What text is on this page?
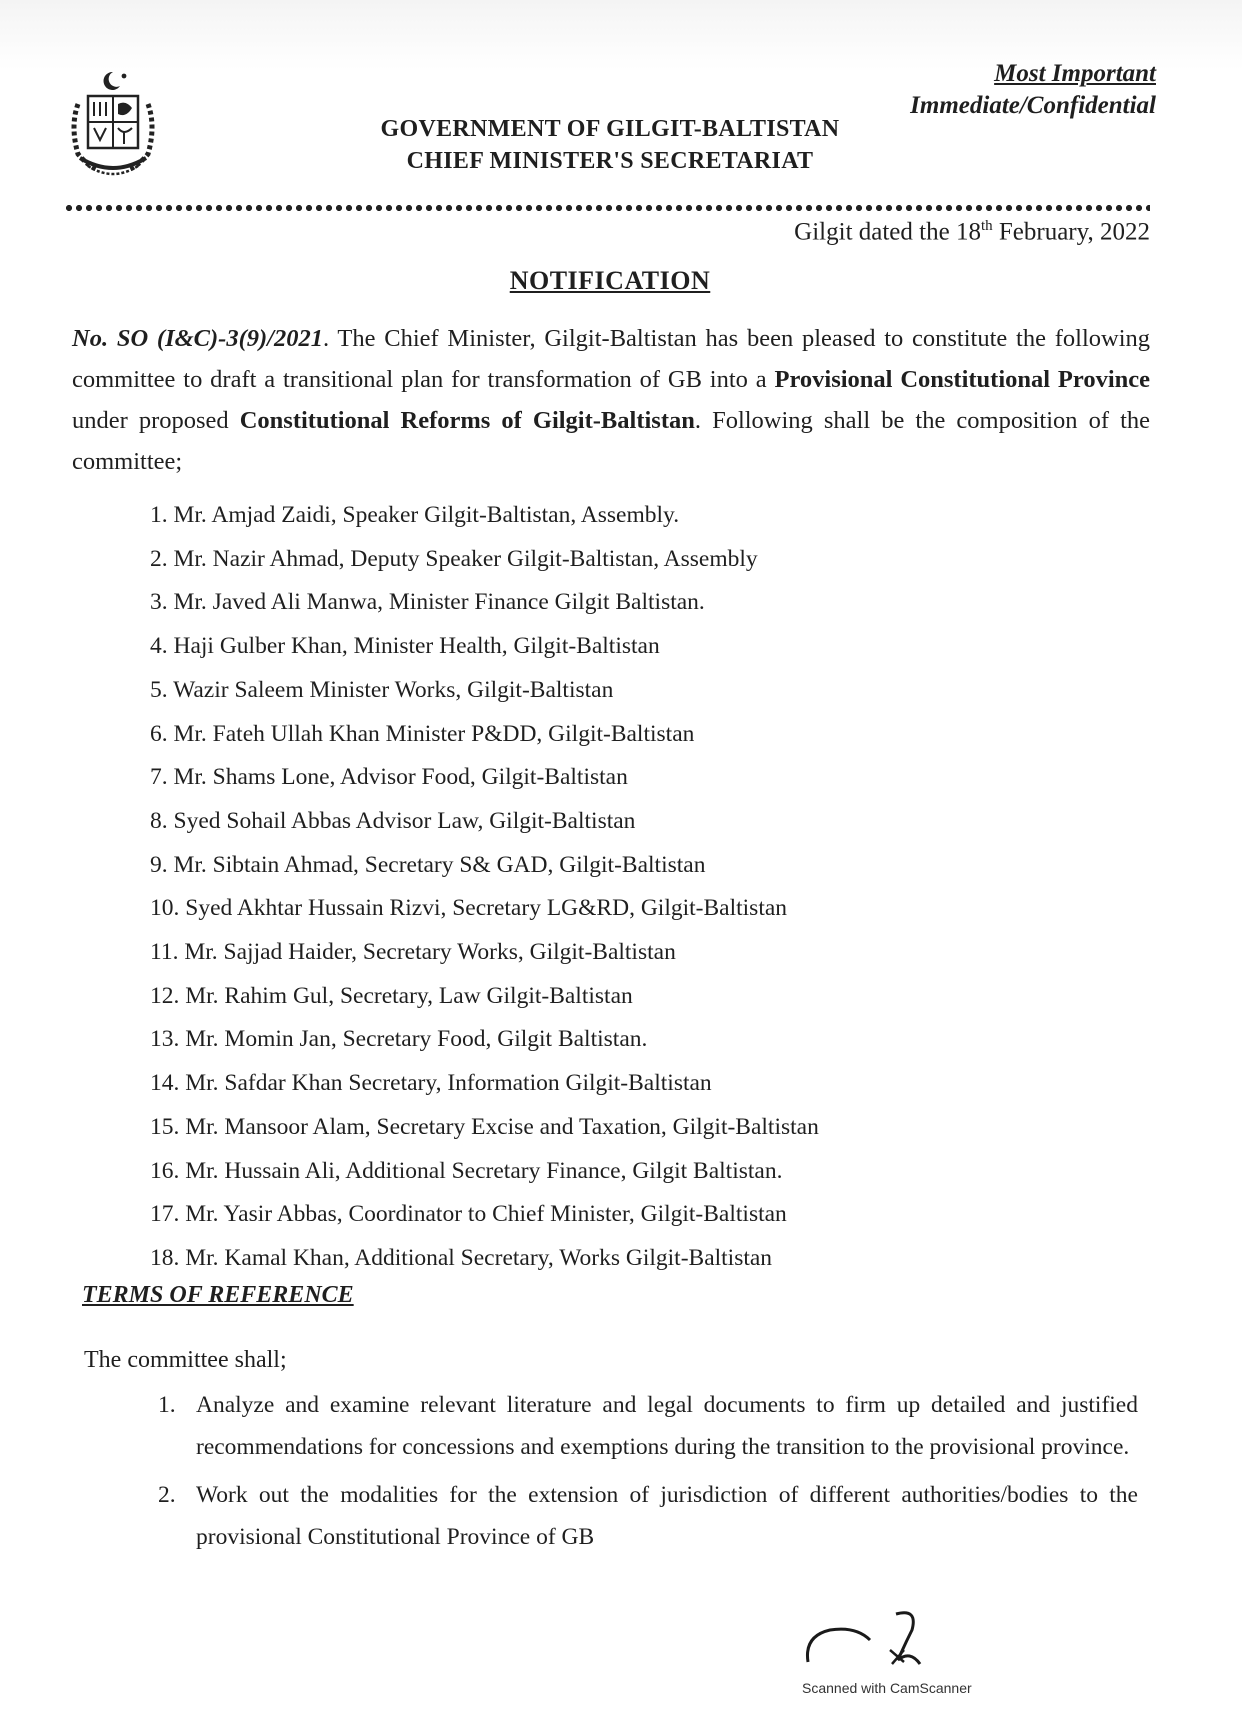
Most Important
Immediate/Confidential
GOVERNMENT OF GILGIT-BALTISTAN
CHIEF MINISTER'S SECRETARIAT
Gilgit dated the 18th February, 2022
NOTIFICATION
No. SO (I&C)-3(9)/2021. The Chief Minister, Gilgit-Baltistan has been pleased to constitute the following committee to draft a transitional plan for transformation of GB into a Provisional Constitutional Province under proposed Constitutional Reforms of Gilgit-Baltistan. Following shall be the composition of the committee;
1. Mr. Amjad Zaidi, Speaker Gilgit-Baltistan, Assembly.
2. Mr. Nazir Ahmad, Deputy Speaker Gilgit-Baltistan, Assembly
3. Mr. Javed Ali Manwa, Minister Finance Gilgit Baltistan.
4. Haji Gulber Khan, Minister Health, Gilgit-Baltistan
5. Wazir Saleem Minister Works, Gilgit-Baltistan
6. Mr. Fateh Ullah Khan Minister P&DD, Gilgit-Baltistan
7. Mr. Shams Lone, Advisor Food, Gilgit-Baltistan
8. Syed Sohail Abbas Advisor Law, Gilgit-Baltistan
9. Mr. Sibtain Ahmad, Secretary S& GAD, Gilgit-Baltistan
10. Syed Akhtar Hussain Rizvi, Secretary LG&RD, Gilgit-Baltistan
11. Mr. Sajjad Haider, Secretary Works, Gilgit-Baltistan
12. Mr. Rahim Gul, Secretary, Law Gilgit-Baltistan
13. Mr. Momin Jan, Secretary Food, Gilgit Baltistan.
14. Mr. Safdar Khan Secretary, Information Gilgit-Baltistan
15. Mr. Mansoor Alam, Secretary Excise and Taxation, Gilgit-Baltistan
16. Mr. Hussain Ali, Additional Secretary Finance, Gilgit Baltistan.
17. Mr. Yasir Abbas, Coordinator to Chief Minister, Gilgit-Baltistan
18. Mr. Kamal Khan, Additional Secretary, Works Gilgit-Baltistan
TERMS OF REFERENCE
The committee shall;
1. Analyze and examine relevant literature and legal documents to firm up detailed and justified recommendations for concessions and exemptions during the transition to the provisional province.
2. Work out the modalities for the extension of jurisdiction of different authorities/bodies to the provisional Constitutional Province of GB
Scanned with CamScanner
